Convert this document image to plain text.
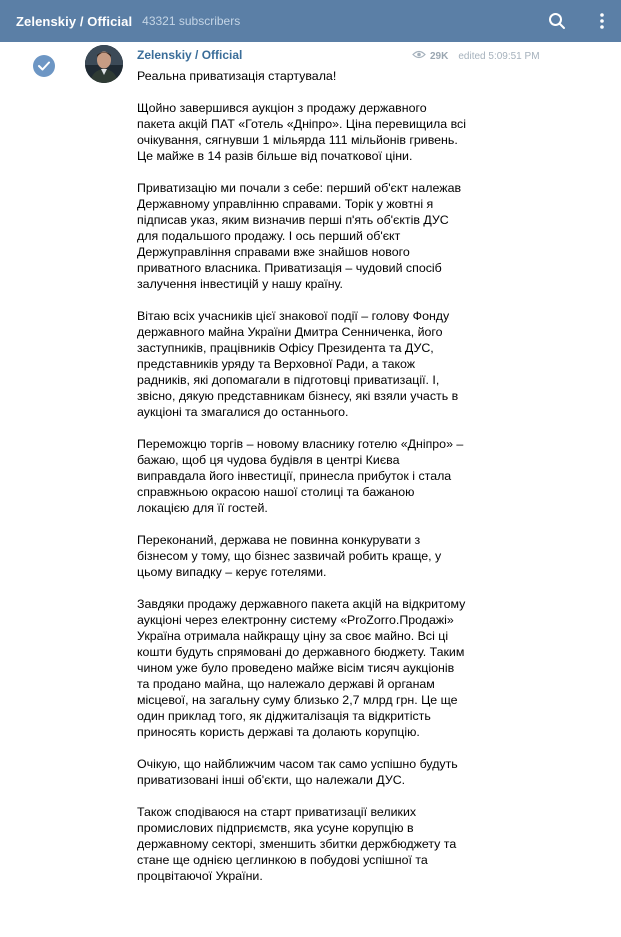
Zelenskiy / Official 43321 subscribers
Zelenskiy / Official	29K edited 5:09:51 PM

Реальна приватизація стартувала!

Щойно завершився аукціон з продажу державного пакета акцій ПАТ «Готель «Дніпро». Ціна перевищила всі очікування, сягнувши 1 мільярда 111 мільйонів гривень. Це майже в 14 разів більше від початкової ціни.

Приватизацію ми почали з себе: перший об'єкт належав Державному управлінню справами. Торік у жовтні я підписав указ, яким визначив перші п'ять об'єктів ДУС для подальшого продажу. І ось перший об'єкт Держуправління справами вже знайшов нового приватного власника. Приватизація – чудовий спосіб залучення інвестицій у нашу країну.

Вітаю всіх учасників цієї знакової події – голову Фонду державного майна України Дмитра Сенниченка, його заступників, працівників Офісу Президента та ДУС, представників уряду та Верховної Ради, а також радників, які допомагали в підготовці приватизації. І, звісно, дякую представникам бізнесу, які взяли участь в аукціоні та змагалися до останнього.

Переможцю торгів – новому власнику готелю «Дніпро» – бажаю, щоб ця чудова будівля в центрі Києва виправдала його інвестиції, принесла прибуток і стала справжньою окрасою нашої столиці та бажаною локацією для її гостей.

Переконаний, держава не повинна конкурувати з бізнесом у тому, що бізнес зазвичай робить краще, у цьому випадку – керує готелями.

Завдяки продажу державного пакета акцій на відкритому аукціоні через електронну систему «ProZorro.Продажі» Україна отримала найкращу ціну за своє майно. Всі ці кошти будуть спрямовані до державного бюджету. Таким чином уже було проведено майже вісім тисяч аукціонів та продано майна, що належало державі й органам місцевої, на загальну суму близько 2,7 млрд грн. Це ще один приклад того, як діджиталізація та відкритість приносять користь державі та долають корупцію.

Очікую, що найближчим часом так само успішно будуть приватизовані інші об'єкти, що належали ДУС.

Також сподіваюся на старт приватизації великих промислових підприємств, яка усуне корупцію в державному секторі, зменшить збитки держбюджету та стане ще однією цеглинкою в побудові успішної та процвітаючої України.
